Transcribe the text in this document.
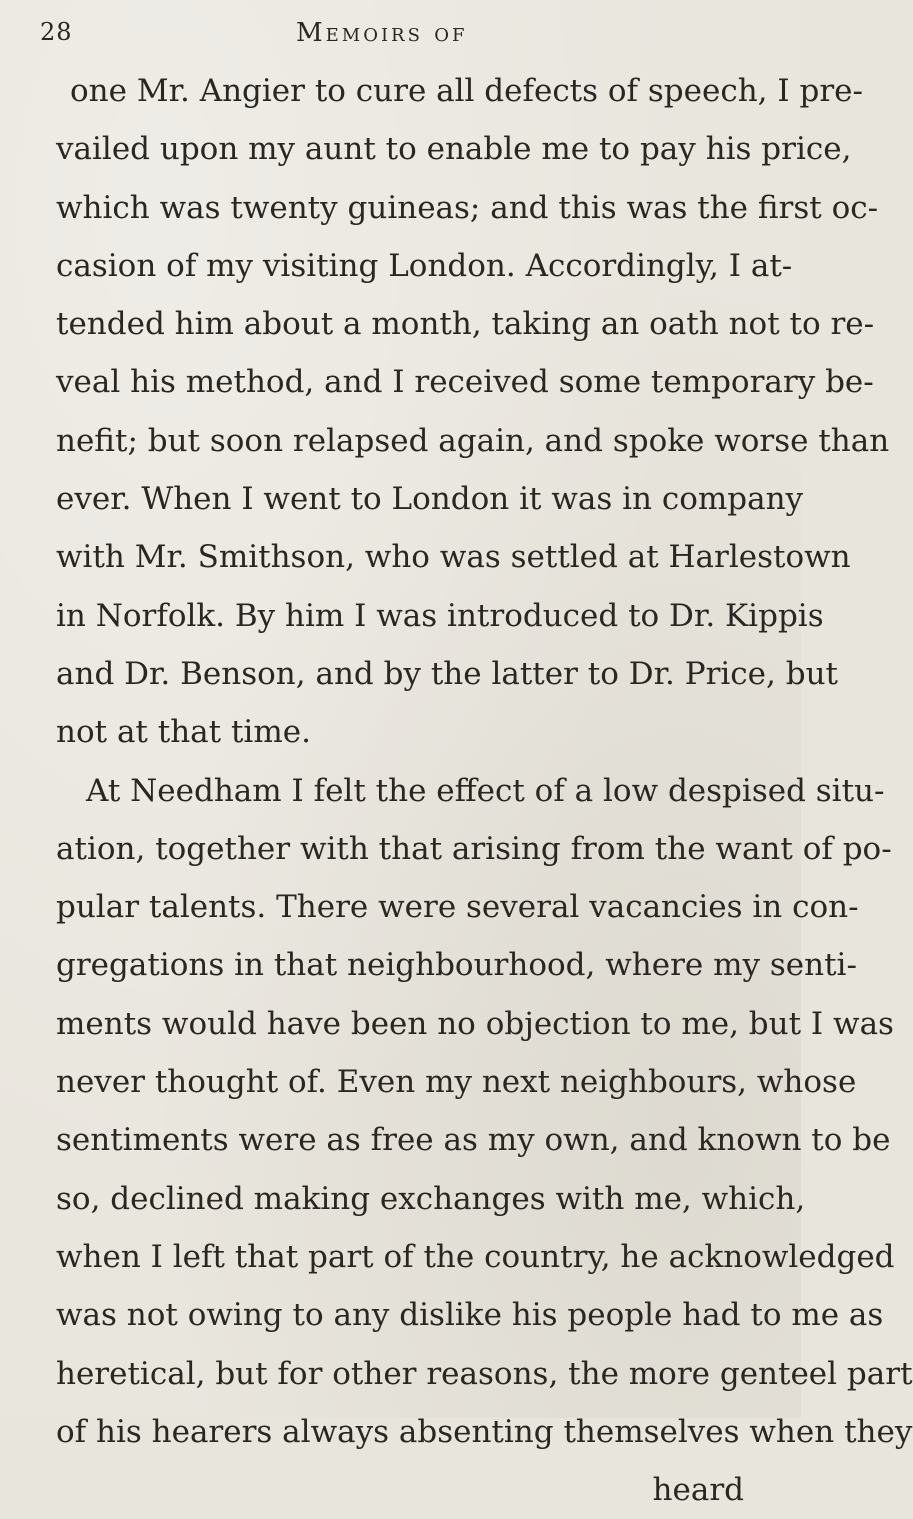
28	Memoirs of
one Mr. Angier to cure all defects of speech, I pre-
vailed upon my aunt to enable me to pay his price,
which was twenty guineas; and this was the first oc-
casion of my visiting London. Accordingly, I at-
tended him about a month, taking an oath not to re-
veal his method, and I received some temporary be-
nefit; but soon relapsed again, and spoke worse than
ever. When I went to London it was in company
with Mr. Smithson, who was settled at Harlestown
in Norfolk. By him I was introduced to Dr. Kippis
and Dr. Benson, and by the latter to Dr. Price, but
not at that time.
At Needham I felt the effect of a low despised situ-
ation, together with that arising from the want of po-
pular talents. There were several vacancies in con-
gregations in that neighbourhood, where my senti-
ments would have been no objection to me, but I was
never thought of. Even my next neighbours, whose
sentiments were as free as my own, and known to be
so, declined making exchanges with me, which,
when I left that part of the country, he acknowledged
was not owing to any dislike his people had to me as
heretical, but for other reasons, the more genteel part
of his hearers always absenting themselves when they
heard
